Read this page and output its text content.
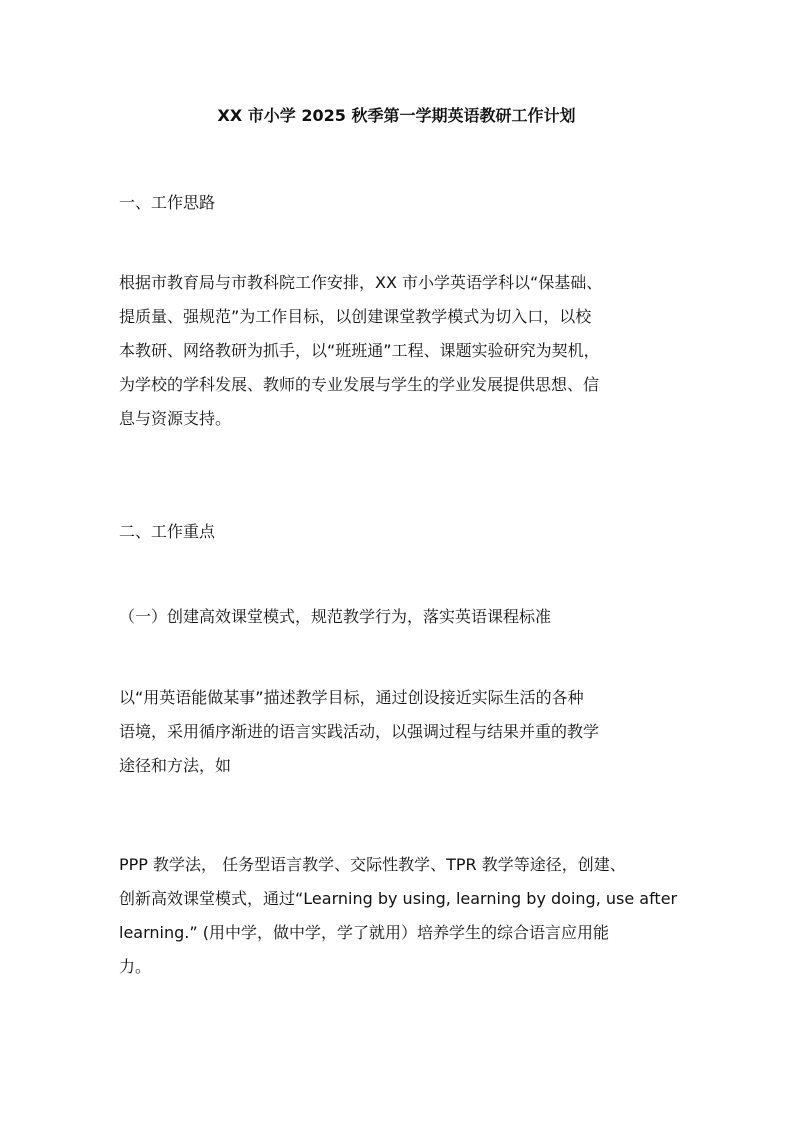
XX 市小学 2025 秋季第一学期英语教研工作计划

一、工作思路

根据市教育局与市教科院工作安排，XX 市小学英语学科以“保基础、
提质量、强规范”为工作目标，以创建课堂教学模式为切入口，以校
本教研、网络教研为抓手，以“班班通”工程、课题实验研究为契机，
为学校的学科发展、教师的专业发展与学生的学业发展提供思想、信
息与资源支持。

二、工作重点

（一）创建高效课堂模式，规范教学行为，落实英语课程标准

以“用英语能做某事”描述教学目标，通过创设接近实际生活的各种
语境，采用循序渐进的语言实践活动，以强调过程与结果并重的教学
途径和方法，如
PPP 教学法， 任务型语言教学、交际性教学、TPR 教学等途径，创建、
创新高效课堂模式，通过“Learning by using, learning by doing, use after
learning.” (用中学，做中学，学了就用）培养学生的综合语言应用能
力。
